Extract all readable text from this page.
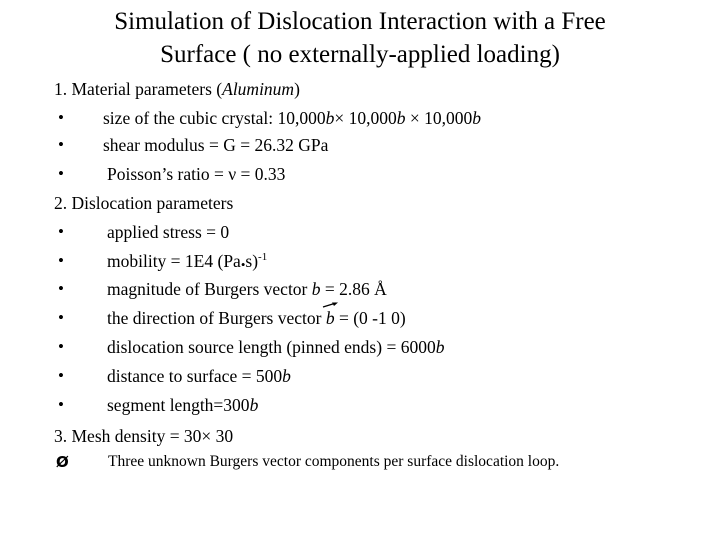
Simulation of Dislocation Interaction with a Free
Surface ( no externally-applied loading)
1. Material parameters (Aluminum)
• size of the cubic crystal: 10,000b× 10,000b × 10,000b
• shear modulus = G = 26.32 GPa
• Poisson’s ratio = ν = 0.33
2. Dislocation parameters
• applied stress = 0
• mobility = 1E4 (Pa•s)$^{-1}$
• magnitude of Burgers vector b = 2.86 Å
• the direction of Burgers vector
b = (0 -1 0)
• dislocation source length (pinned ends) = 6000b
• distance to surface = 500b
• segment length=300b
3. Mesh density = 30× 30
Ø	Three unknown Burgers vector components per surface dislocation loop.
